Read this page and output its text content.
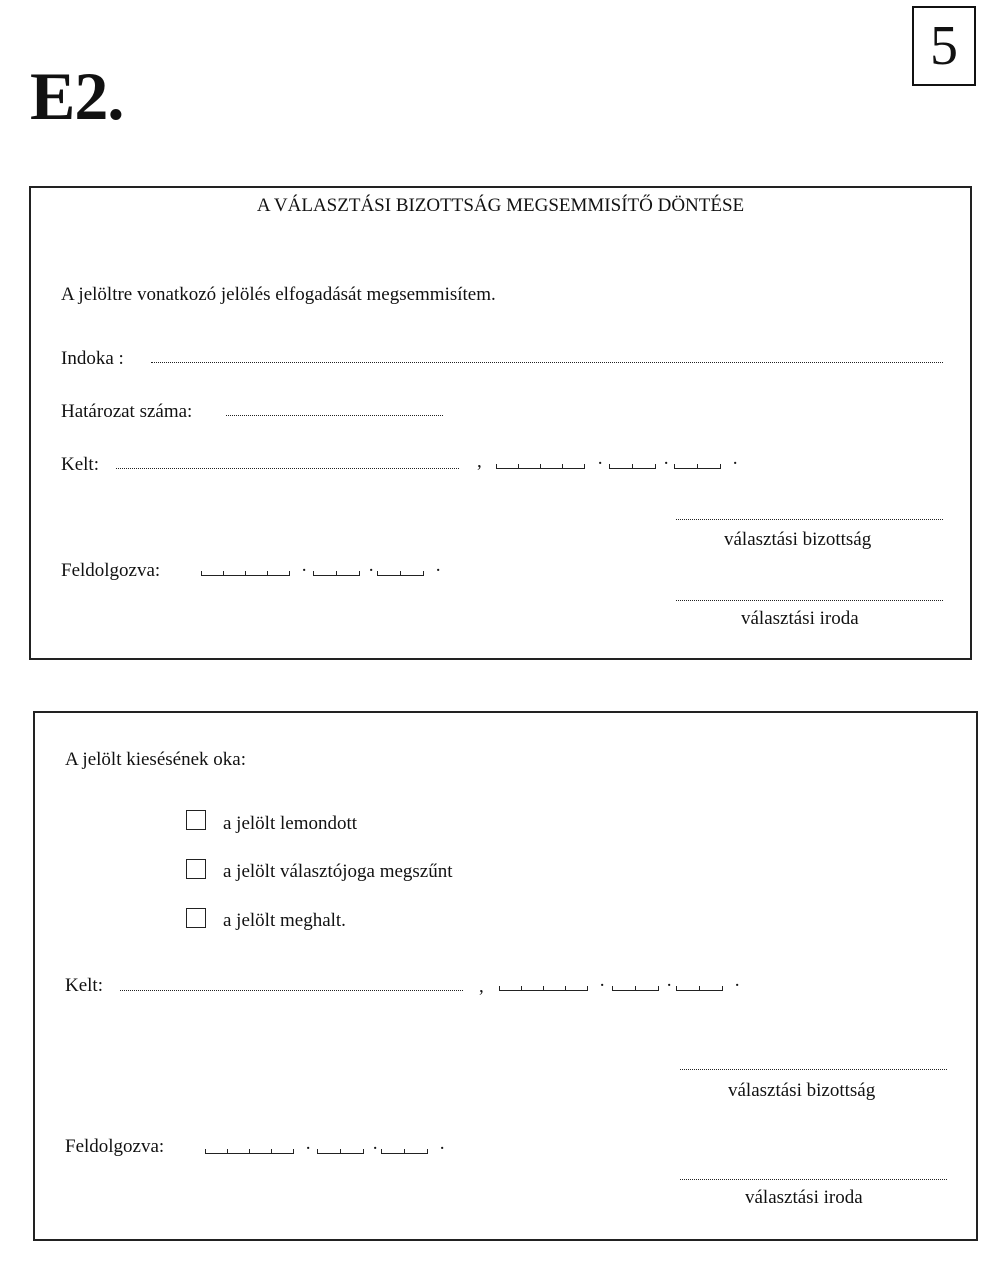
E2.
5
A VÁLASZTÁSI BIZOTTSÁG MEGSEMMISÍTŐ DÖNTÉSE
A jelöltre vonatkozó jelölés elfogadását megsemmisítem.
Indoka :
Határozat száma:
Kelt:	,	·	·	·
választási bizottság
Feldolgozva:	·	·	·
választási iroda
A jelölt kiesésének oka:
a jelölt lemondott
a jelölt választójoga megszűnt
a jelölt meghalt.
Kelt:	,	·	·	·
választási bizottság
Feldolgozva:	·	·	·
választási iroda
